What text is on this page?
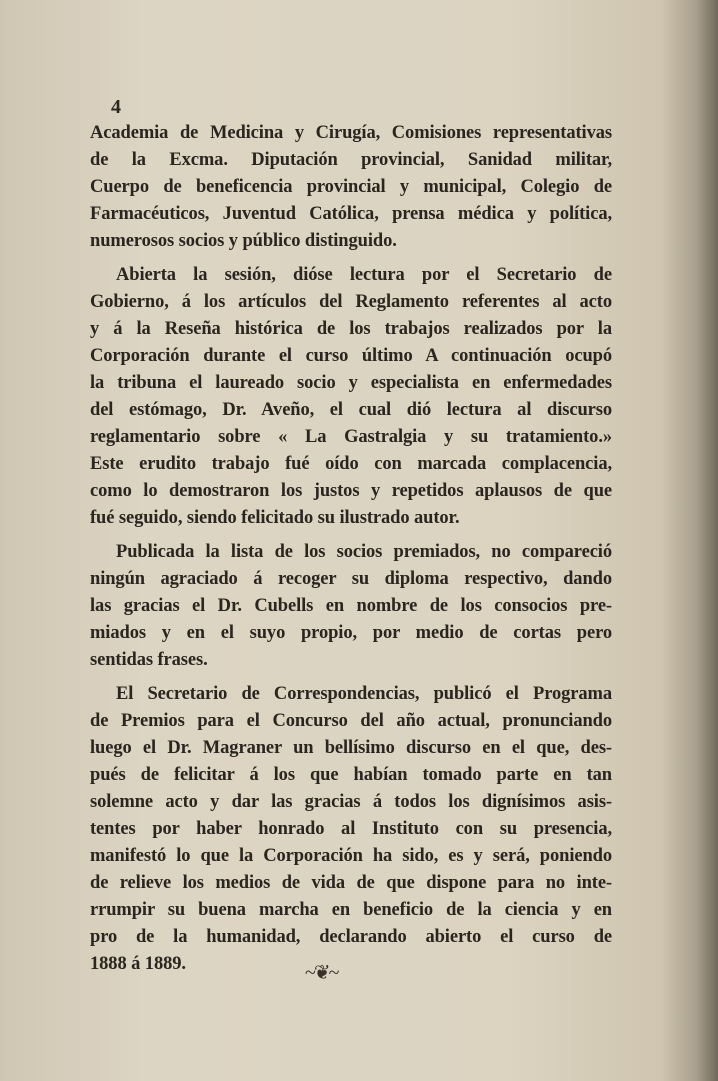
4
Academia de Medicina y Cirugía, Comisiones representativas
de la Excma. Diputación provincial, Sanidad militar,
Cuerpo de beneficencia provincial y municipal, Colegio de
Farmacéuticos, Juventud Católica, prensa médica y política,
numerosos socios y público distinguido.
Abierta la sesión, dióse lectura por el Secretario de
Gobierno, á los artículos del Reglamento referentes al acto
y á la Reseña histórica de los trabajos realizados por la
Corporación durante el curso último A continuación ocupó
la tribuna el laureado socio y especialista en enfermedades
del estómago, Dr. Aveño, el cual dió lectura al discurso
reglamentario sobre « La Gastralgia y su tratamiento.»
Este erudito trabajo fué oído con marcada complacencia,
como lo demostraron los justos y repetidos aplausos de que
fué seguido, siendo felicitado su ilustrado autor.
Publicada la lista de los socios premiados, no compareció
ningún agraciado á recoger su diploma respectivo, dando
las gracias el Dr. Cubells en nombre de los consocios pre-
miados y en el suyo propio, por medio de cortas pero
sentidas frases.
El Secretario de Correspondencias, publicó el Programa
de Premios para el Concurso del año actual, pronunciando
luego el Dr. Magraner un bellísimo discurso en el que, des-
pués de felicitar á los que habían tomado parte en tan
solemne acto y dar las gracias á todos los dignísimos asis-
tentes por haber honrado al Instituto con su presencia,
manifestó lo que la Corporación ha sido, es y será, poniendo
de relieve los medios de vida de que dispone para no inte-
rrumpir su buena marcha en beneficio de la ciencia y en
pro de la humanidad, declarando abierto el curso de
1888 á 1889.	~❦~
